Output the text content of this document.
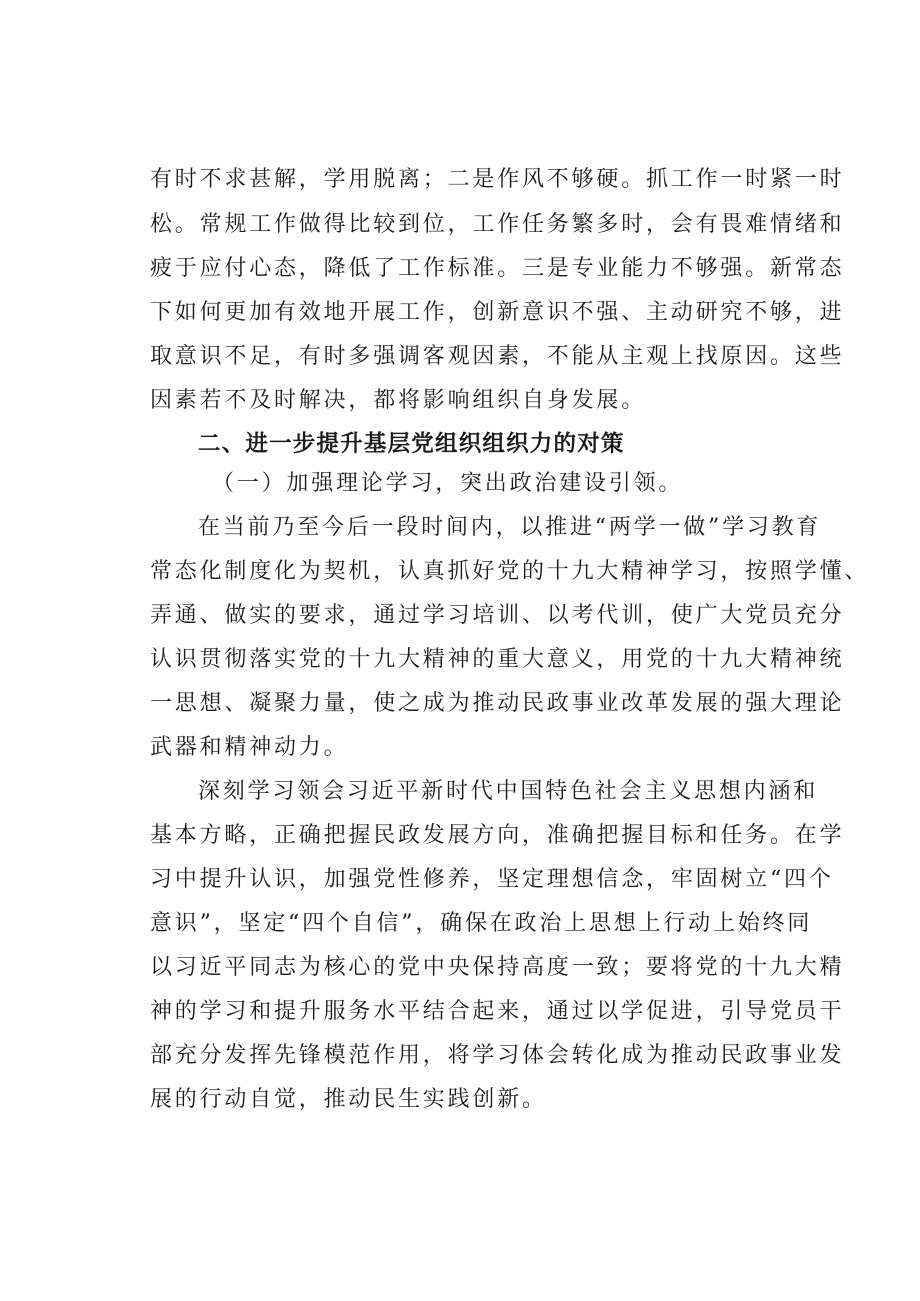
有时不求甚解，学用脱离；二是作风不够硬。抓工作一时紧一时
松。常规工作做得比较到位，工作任务繁多时，会有畏难情绪和
疲于应付心态，降低了工作标准。三是专业能力不够强。新常态
下如何更加有效地开展工作，创新意识不强、主动研究不够，进
取意识不足，有时多强调客观因素，不能从主观上找原因。这些
因素若不及时解决，都将影响组织自身发展。
二、进一步提升基层党组织组织力的对策
（一）加强理论学习，突出政治建设引领。
在当前乃至今后一段时间内，以推进“两学一做”学习教育
常态化制度化为契机，认真抓好党的十九大精神学习，按照学懂、
弄通、做实的要求，通过学习培训、以考代训，使广大党员充分
认识贯彻落实党的十九大精神的重大意义，用党的十九大精神统
一思想、凝聚力量，使之成为推动民政事业改革发展的强大理论
武器和精神动力。
深刻学习领会习近平新时代中国特色社会主义思想内涵和
基本方略，正确把握民政发展方向，准确把握目标和任务。在学
习中提升认识，加强党性修养，坚定理想信念，牢固树立“四个
意识”，坚定“四个自信”，确保在政治上思想上行动上始终同
以习近平同志为核心的党中央保持高度一致；要将党的十九大精
神的学习和提升服务水平结合起来，通过以学促进，引导党员干
部充分发挥先锋模范作用，将学习体会转化成为推动民政事业发
展的行动自觉，推动民生实践创新。
